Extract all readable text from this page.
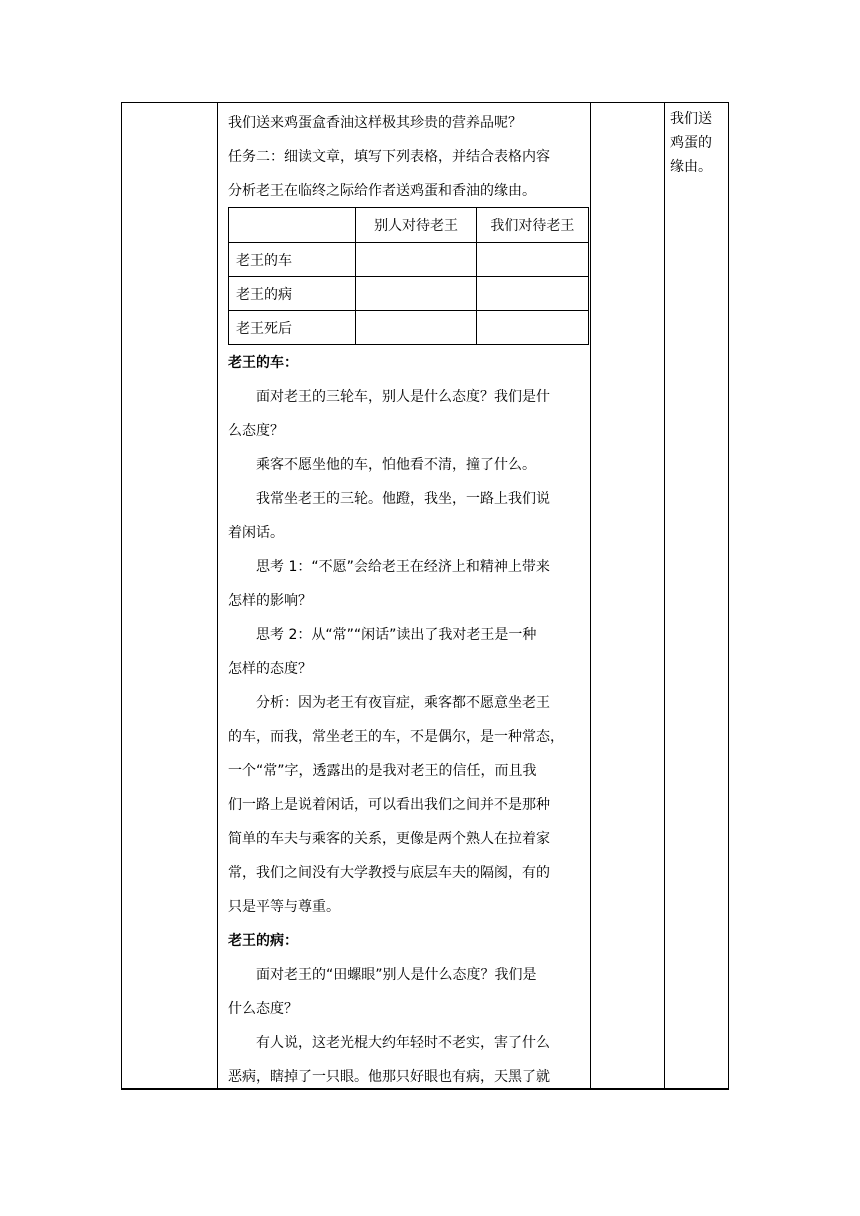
我们送来鸡蛋盒香油这样极其珍贵的营养品呢？
任务二：细读文章，填写下列表格，并结合表格内容
分析老王在临终之际给作者送鸡蛋和香油的缘由。
	别人对待老王	我们对待老王
老王的车		
老王的病		
老王死后		
老王的车：
面对老王的三轮车，别人是什么态度？我们是什
么态度？
乘客不愿坐他的车，怕他看不清，撞了什么。
我常坐老王的三轮。他蹬，我坐，一路上我们说
着闲话。
思考 1：“不愿”会给老王在经济上和精神上带来
怎样的影响？
思考 2：从“常”“闲话”读出了我对老王是一种
怎样的态度？
分析：因为老王有夜盲症，乘客都不愿意坐老王
的车，而我，常坐老王的车，不是偶尔，是一种常态，
一个“常”字，透露出的是我对老王的信任，而且我
们一路上是说着闲话，可以看出我们之间并不是那种
简单的车夫与乘客的关系，更像是两个熟人在拉着家
常，我们之间没有大学教授与底层车夫的隔阂，有的
只是平等与尊重。
老王的病：
面对老王的“田螺眼”别人是什么态度？我们是
什么态度？
有人说，这老光棍大约年轻时不老实，害了什么
恶病，瞎掉了一只眼。他那只好眼也有病，天黑了就
我们送
鸡蛋的
缘由。
